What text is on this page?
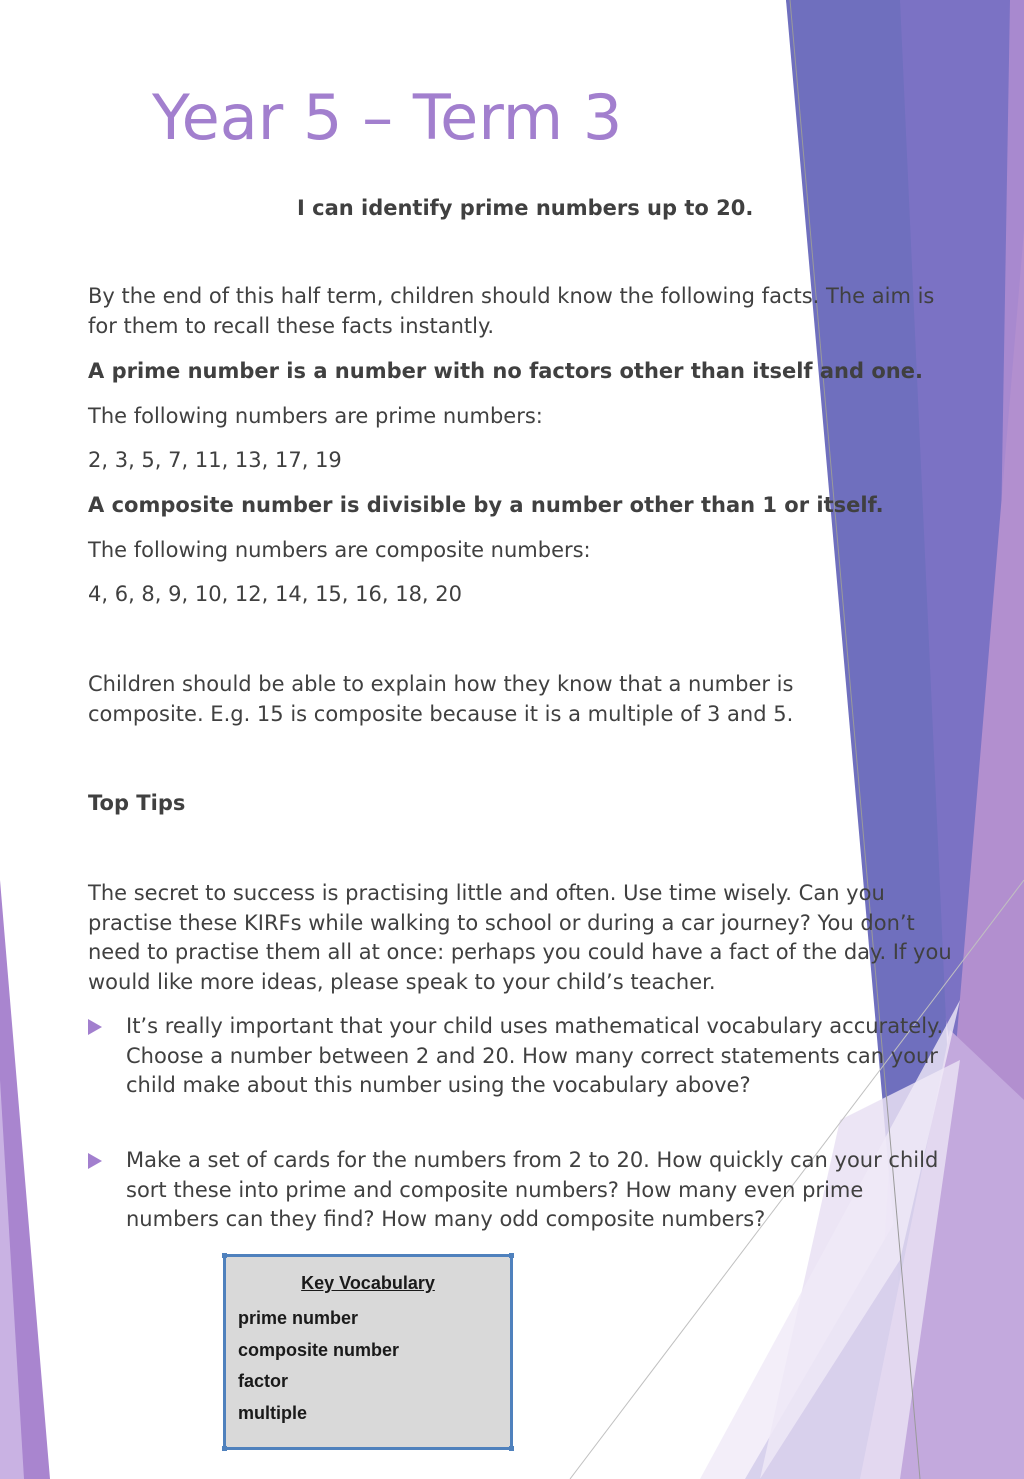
Year 5 – Term 3

I can identify prime numbers up to 20.

By the end of this half term, children should know the following facts. The aim is for them to recall these facts instantly.

A prime number is a number with no factors other than itself and one.

The following numbers are prime numbers:

2, 3, 5, 7, 11, 13, 17, 19

A composite number is divisible by a number other than 1 or itself.

The following numbers are composite numbers:

4, 6, 8, 9, 10, 12, 14, 15, 16, 18, 20

Children should be able to explain how they know that a number is composite. E.g. 15 is composite because it is a multiple of 3 and 5.

Top Tips

The secret to success is practising little and often. Use time wisely. Can you practise these KIRFs while walking to school or during a car journey? You don’t need to practise them all at once: perhaps you could have a fact of the day. If you would like more ideas, please speak to your child’s teacher.

It’s really important that your child uses mathematical vocabulary accurately. Choose a number between 2 and 20. How many correct statements can your child make about this number using the vocabulary above?

Make a set of cards for the numbers from 2 to 20. How quickly can your child sort these into prime and composite numbers? How many even prime numbers can they find? How many odd composite numbers?

Key Vocabulary

prime number
composite number
factor
multiple
